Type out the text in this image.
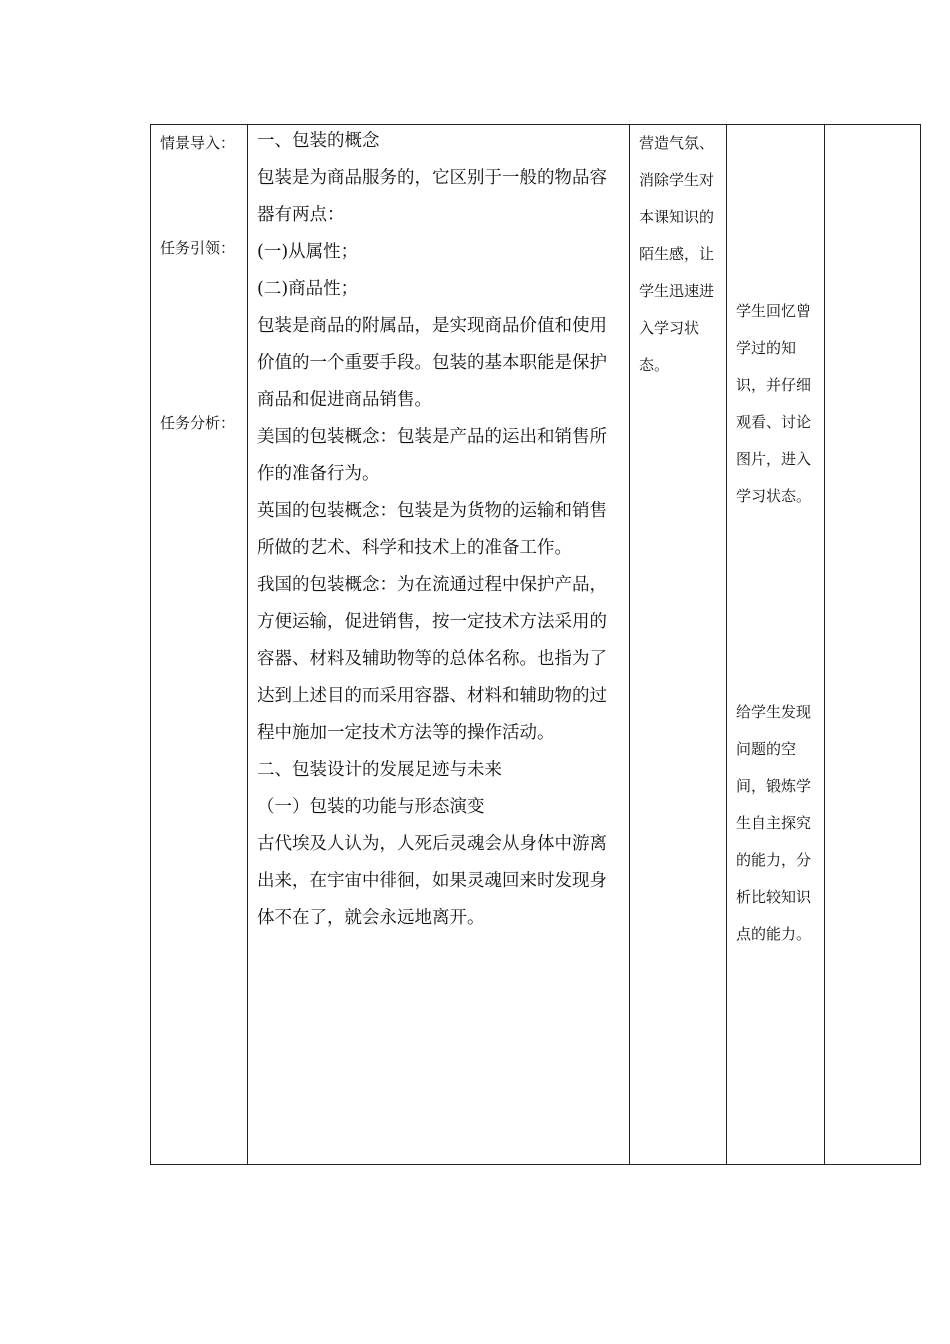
情景导入：
任务引领：
任务分析：

一、包装的概念

包装是为商品服务的，它区别于一般的物品容器有两点：

(一)从属性；

(二)商品性；

包装是商品的附属品，是实现商品价值和使用价值的一个重要手段。包装的基本职能是保护商品和促进商品销售。

美国的包装概念：包装是产品的运出和销售所作的准备行为。

英国的包装概念：包装是为货物的运输和销售所做的艺术、科学和技术上的准备工作。

我国的包装概念：为在流通过程中保护产品，方便运输，促进销售，按一定技术方法采用的容器、材料及辅助物等的总体名称。也指为了达到上述目的而采用容器、材料和辅助物的过程中施加一定技术方法等的操作活动。

二、包装设计的发展足迹与未来

（一）包装的功能与形态演变

古代埃及人认为，人死后灵魂会从身体中游离出来，在宇宙中徘徊，如果灵魂回来时发现身体不在了，就会永远地离开。

营造气氛、消除学生对本课知识的陌生感，让学生迅速进入学习状态。
学生回忆曾学过的知识，并仔细观看、讨论图片，进入学习状态。
给学生发现问题的空间，锻炼学生自主探究的能力，分析比较知识点的能力。
